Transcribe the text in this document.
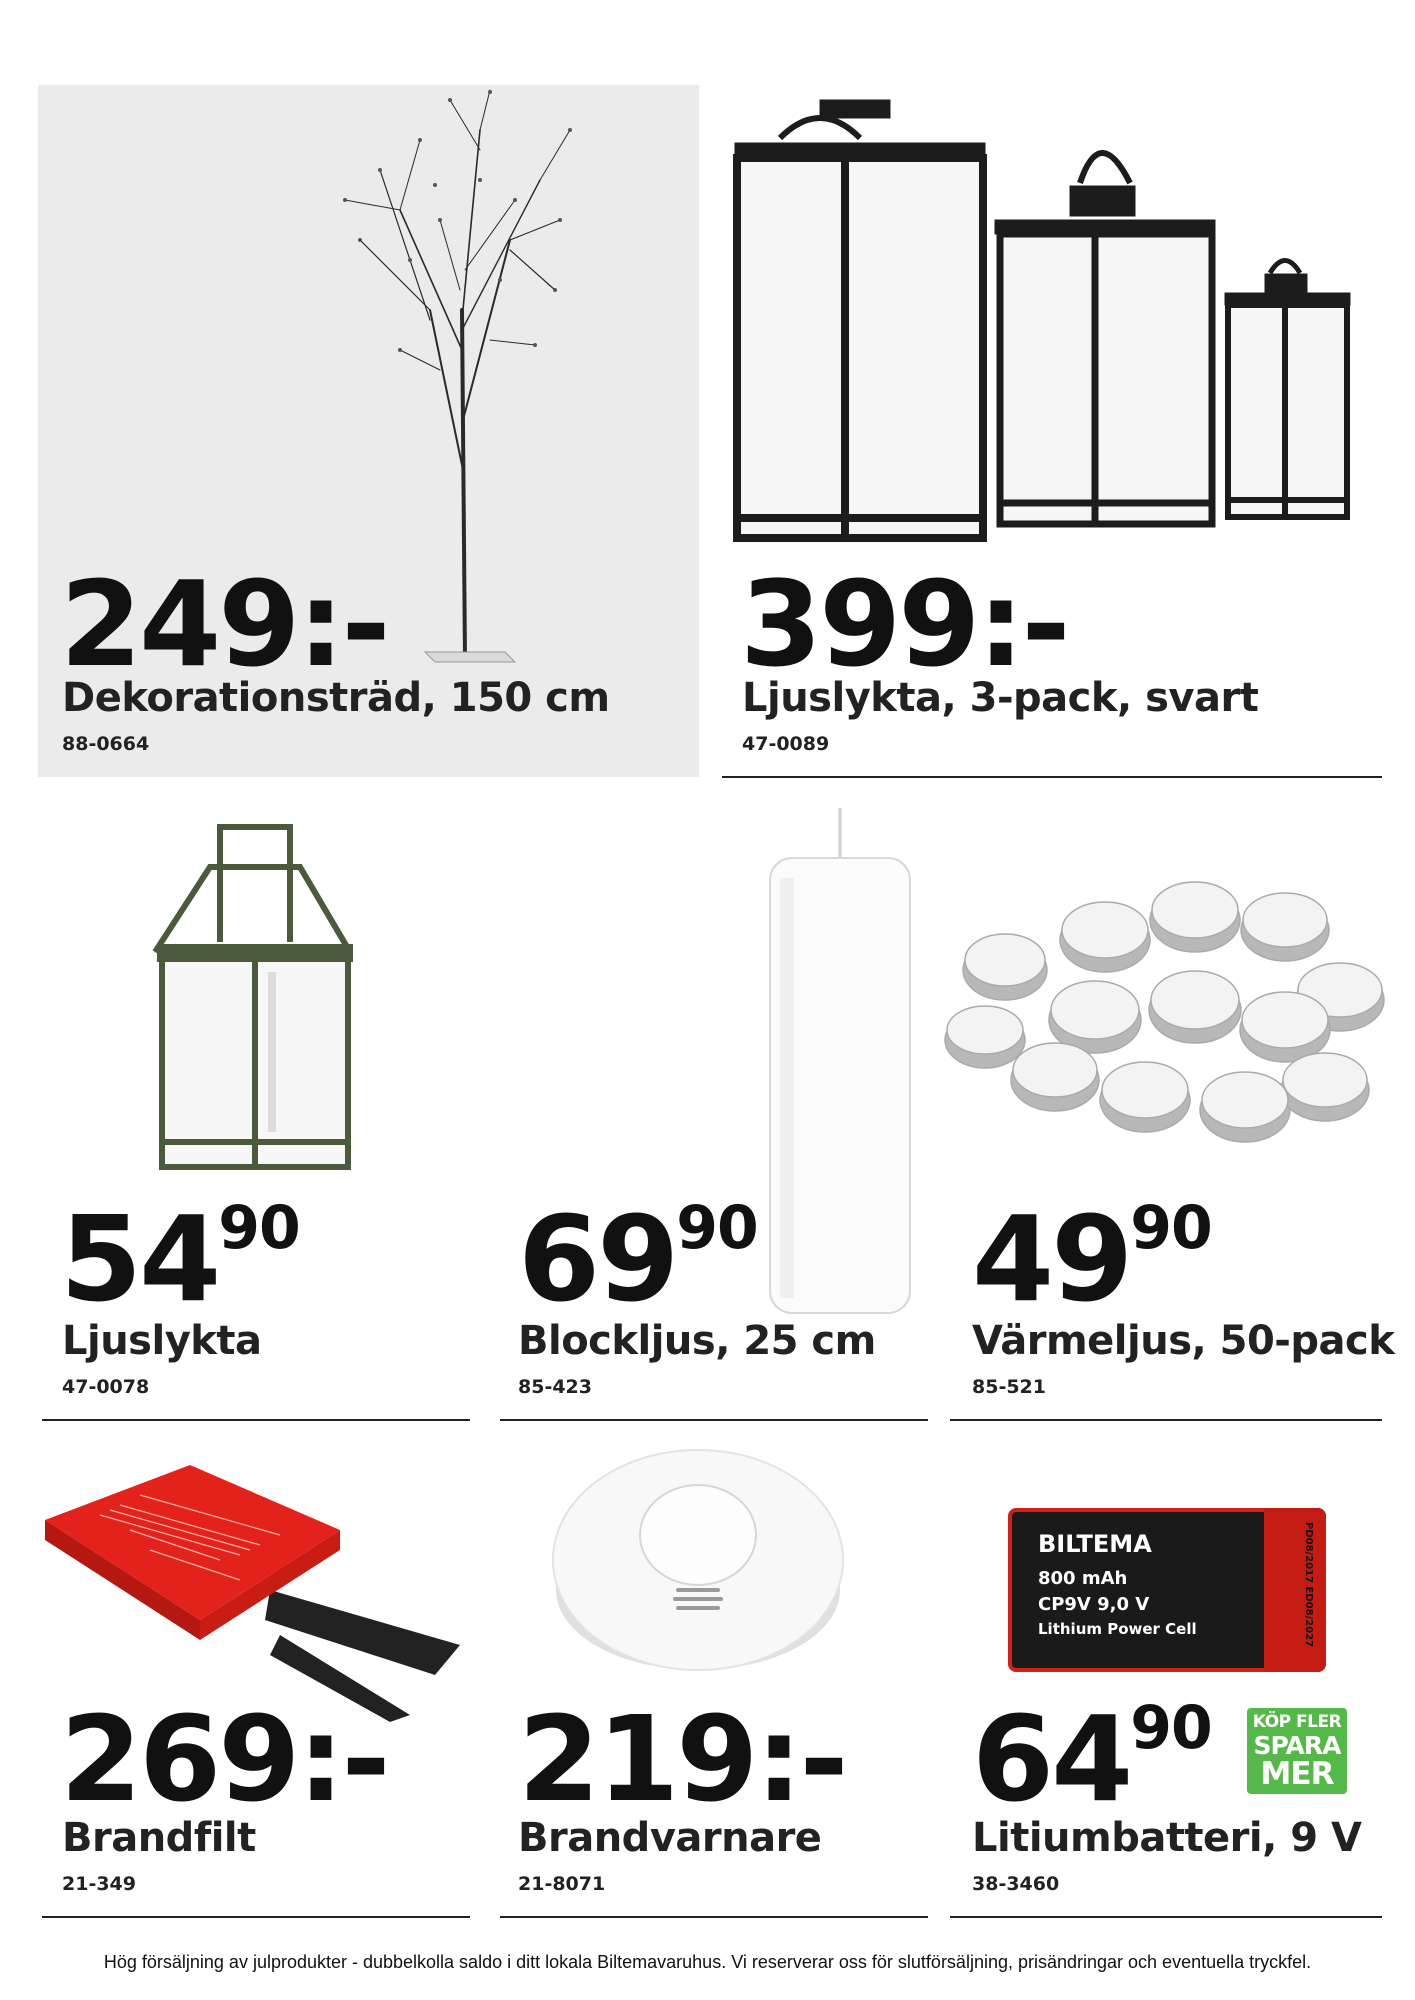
249:-
Dekorationsträd, 150 cm
88-0664
399:-
Ljuslykta, 3-pack, svart
47-0089
5490
Ljuslykta
47-0078
6990
Blockljus, 25 cm
85-423
4990
Värmeljus, 50-pack
85-521
269:-
Brandfilt
21-349
219:-
Brandvarnare
21-8071
PD08/2017 ED08/2027
BILTEMA
800 mAh
CP9V 9,0 V
Lithium Power Cell
6490	KÖP FLER
SPARA
MER
Litiumbatteri, 9 V
38-3460
Hög försäljning av julprodukter - dubbelkolla saldo i ditt lokala Biltemavaruhus. Vi reserverar oss för slutförsäljning, prisändringar och eventuella tryckfel.
